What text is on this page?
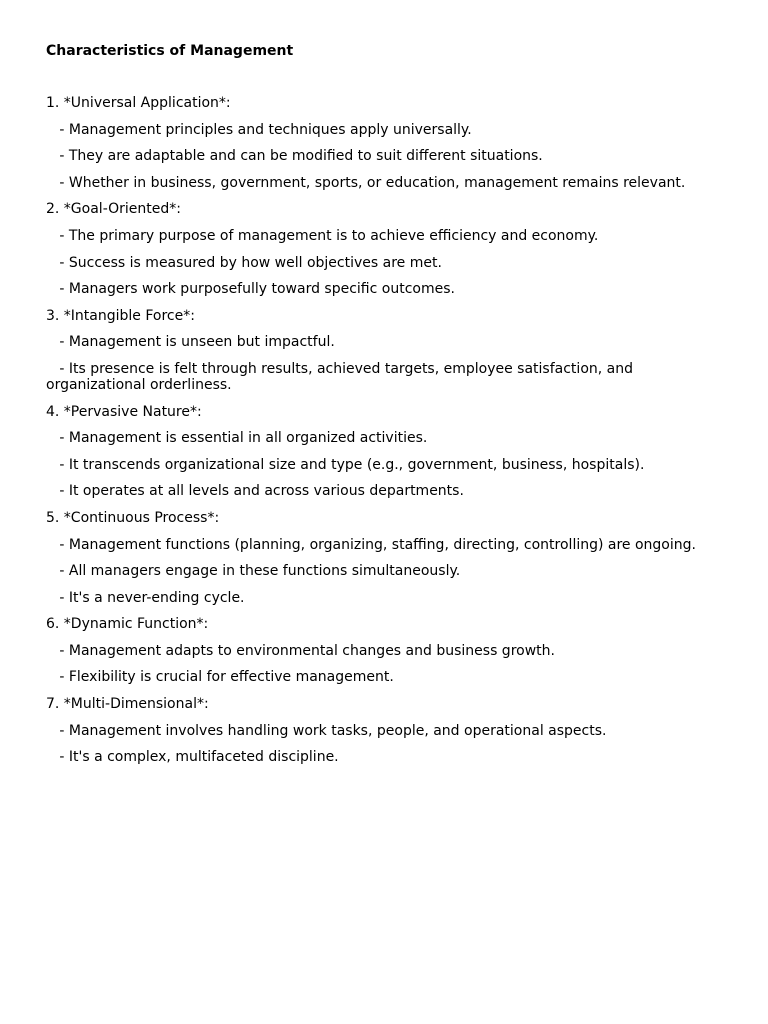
Characteristics of Management
1. *Universal Application*:
- Management principles and techniques apply universally.
- They are adaptable and can be modified to suit different situations.
- Whether in business, government, sports, or education, management remains relevant.
2. *Goal-Oriented*:
- The primary purpose of management is to achieve efficiency and economy.
- Success is measured by how well objectives are met.
- Managers work purposefully toward specific outcomes.
3. *Intangible Force*:
- Management is unseen but impactful.
- Its presence is felt through results, achieved targets, employee satisfaction, and organizational orderliness.
4. *Pervasive Nature*:
- Management is essential in all organized activities.
- It transcends organizational size and type (e.g., government, business, hospitals).
- It operates at all levels and across various departments.
5. *Continuous Process*:
- Management functions (planning, organizing, staffing, directing, controlling) are ongoing.
- All managers engage in these functions simultaneously.
- It's a never-ending cycle.
6. *Dynamic Function*:
- Management adapts to environmental changes and business growth.
- Flexibility is crucial for effective management.
7. *Multi-Dimensional*:
- Management involves handling work tasks, people, and operational aspects.
- It's a complex, multifaceted discipline.
